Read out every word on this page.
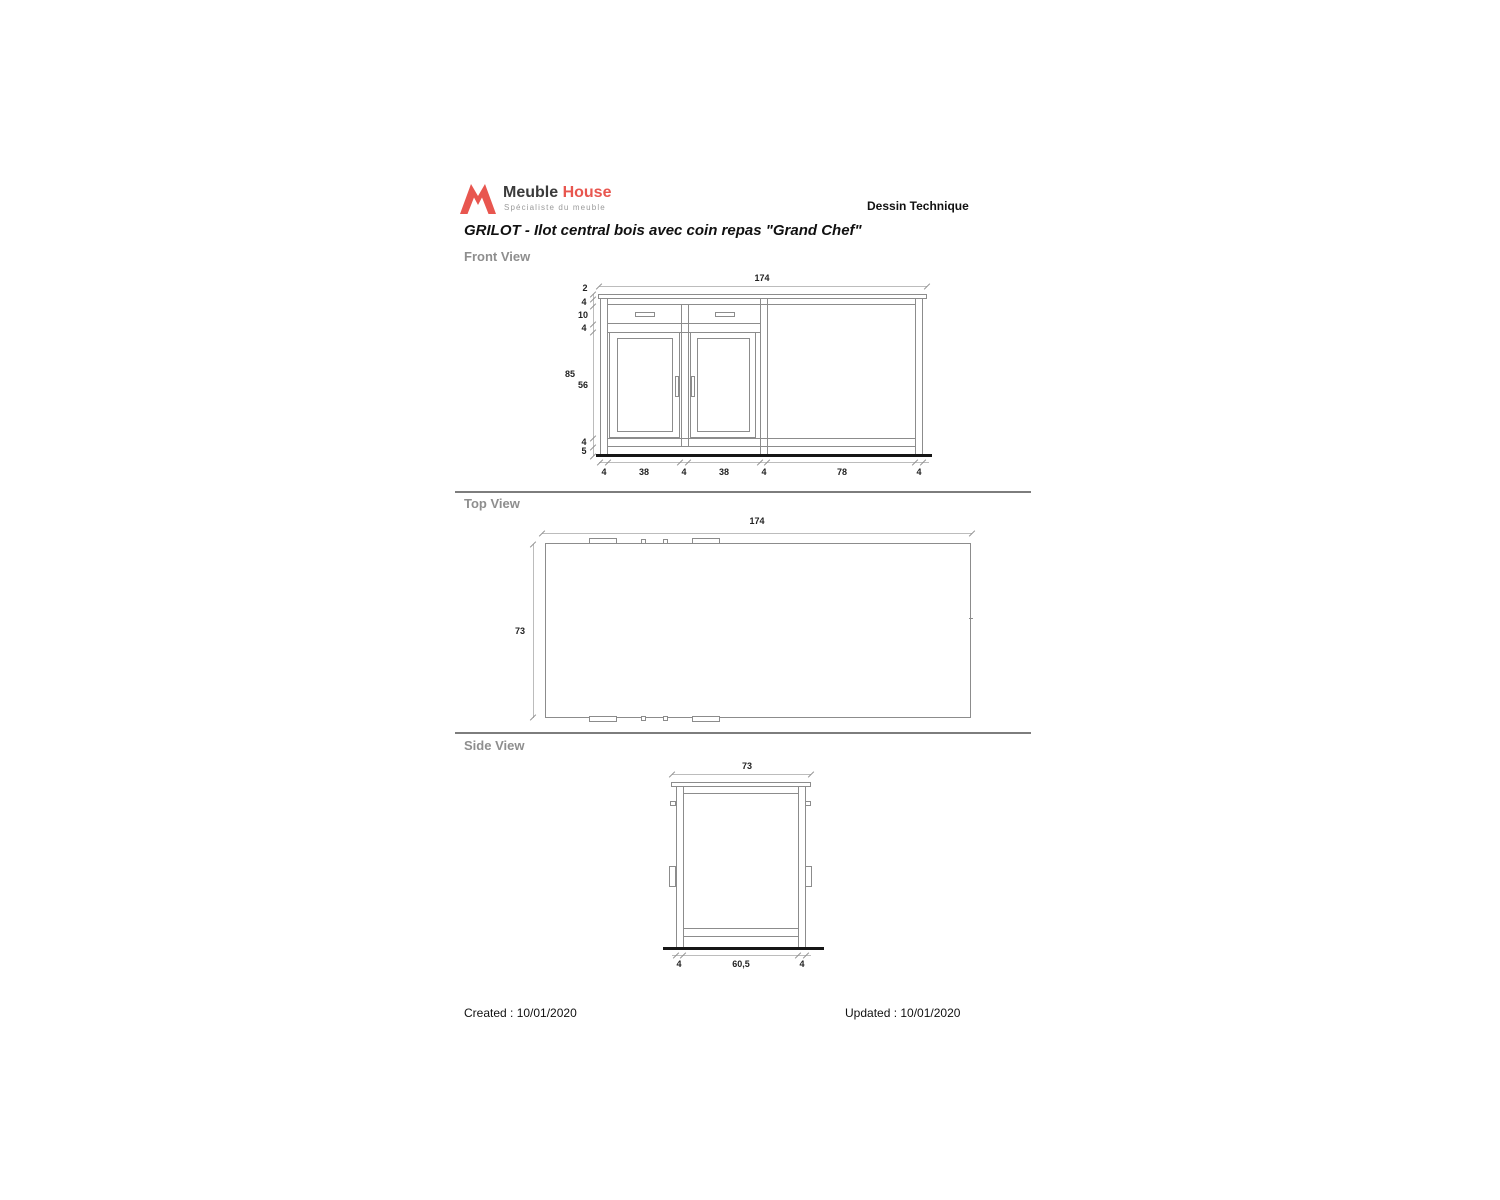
Meuble House
Spécialiste du meuble	Dessin Technique
GRILOT - Ilot central bois avec coin repas "Grand Chef"
Front View
174
2
4
10
4
56
4
5
85
4	38	4	38	4	78	4
Top View
174
73
Side View
73
4	60,5	4
Created : 10/01/2020	Updated : 10/01/2020
